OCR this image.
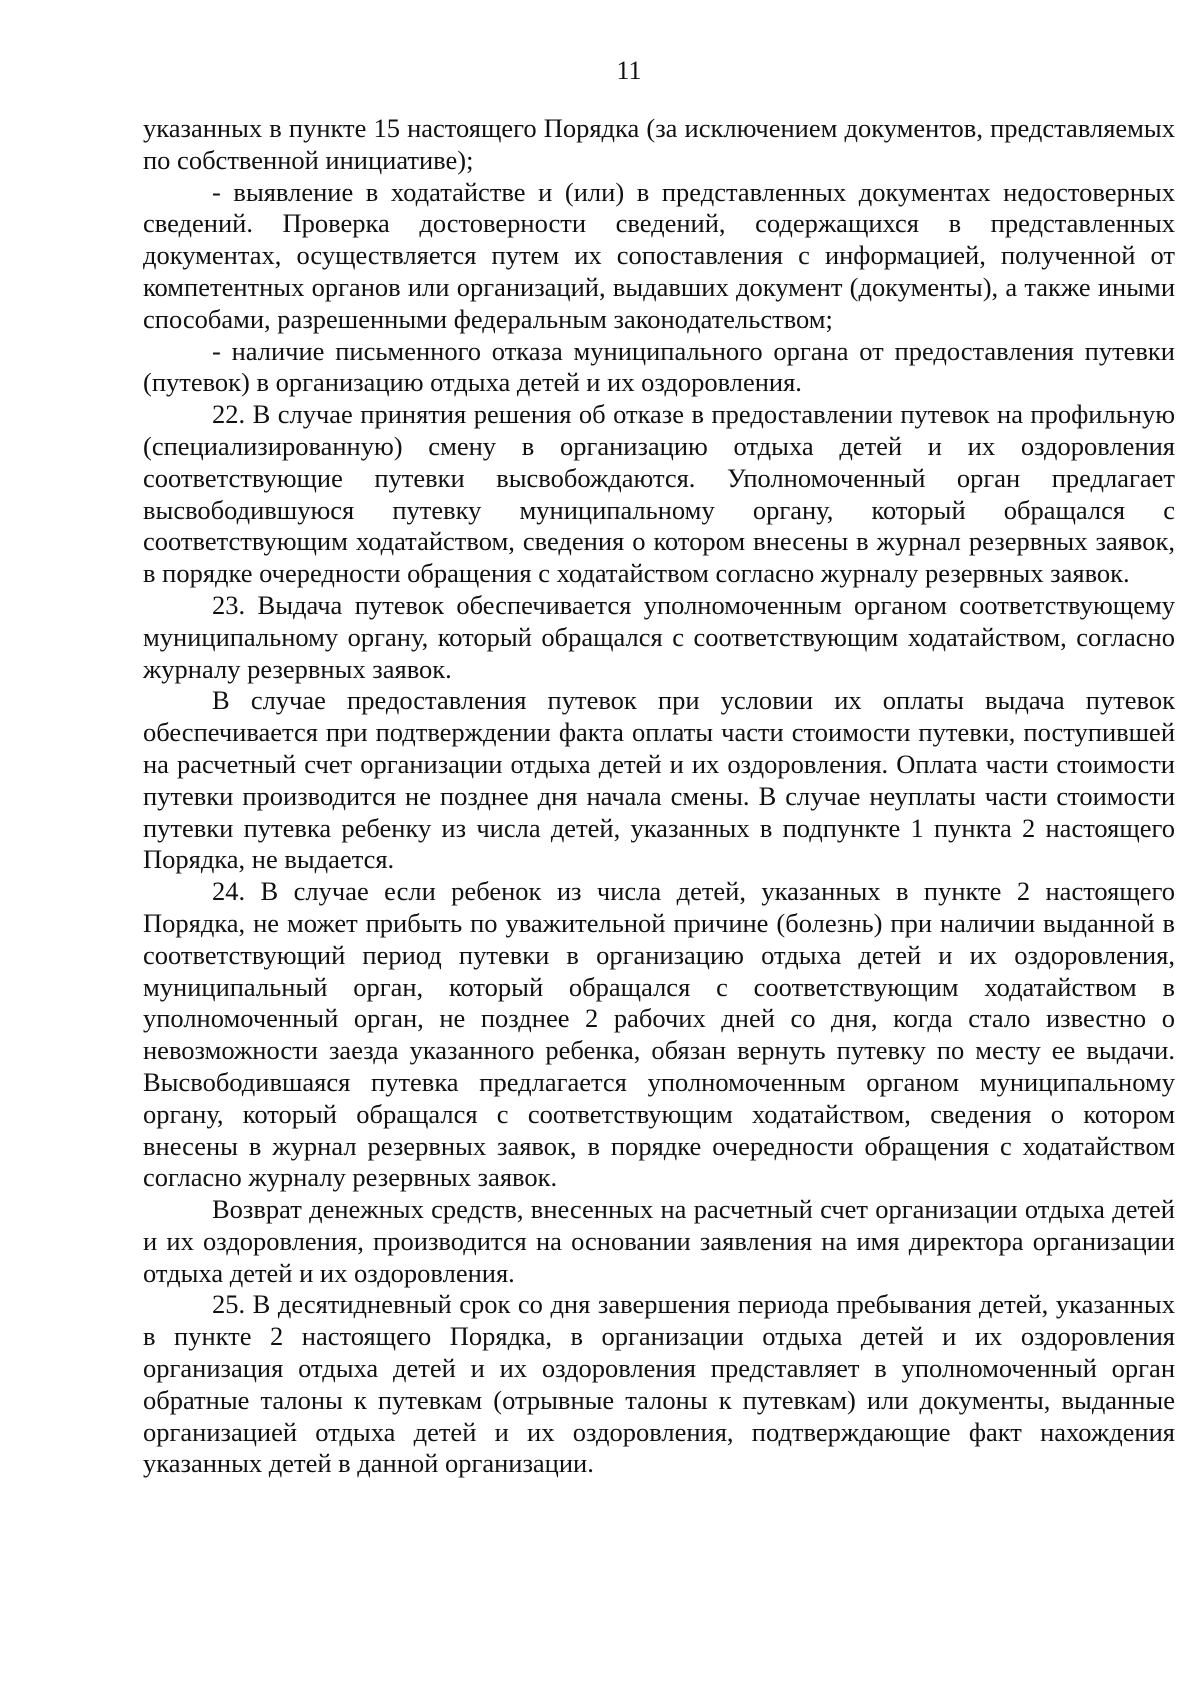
11

указанных в пункте 15 настоящего Порядка (за исключением документов, представляемых по собственной инициативе);

- выявление в ходатайстве и (или) в представленных документах недостоверных сведений. Проверка достоверности сведений, содержащихся в представленных документах, осуществляется путем их сопоставления с информацией, полученной от компетентных органов или организаций, выдавших документ (документы), а также иными способами, разрешенными федеральным законодательством;

- наличие письменного отказа муниципального органа от предоставления путевки (путевок) в организацию отдыха детей и их оздоровления.

22. В случае принятия решения об отказе в предоставлении путевок на профильную (специализированную) смену в организацию отдыха детей и их оздоровления соответствующие путевки высвобождаются. Уполномоченный орган предлагает высвободившуюся путевку муниципальному органу, который обращался с соответствующим ходатайством, сведения о котором внесены в журнал резервных заявок, в порядке очередности обращения с ходатайством согласно журналу резервных заявок.

23. Выдача путевок обеспечивается уполномоченным органом соответствующему муниципальному органу, который обращался с соответствующим ходатайством, согласно журналу резервных заявок.

В случае предоставления путевок при условии их оплаты выдача путевок обеспечивается при подтверждении факта оплаты части стоимости путевки, поступившей на расчетный счет организации отдыха детей и их оздоровления. Оплата части стоимости путевки производится не позднее дня начала смены. В случае неуплаты части стоимости путевки путевка ребенку из числа детей, указанных в подпункте 1 пункта 2 настоящего Порядка, не выдается.

24. В случае если ребенок из числа детей, указанных в пункте 2 настоящего Порядка, не может прибыть по уважительной причине (болезнь) при наличии выданной в соответствующий период путевки в организацию отдыха детей и их оздоровления, муниципальный орган, который обращался с соответствующим ходатайством в уполномоченный орган, не позднее 2 рабочих дней со дня, когда стало известно о невозможности заезда указанного ребенка, обязан вернуть путевку по месту ее выдачи. Высвободившаяся путевка предлагается уполномоченным органом муниципальному органу, который обращался с соответствующим ходатайством, сведения о котором внесены в журнал резервных заявок, в порядке очередности обращения с ходатайством согласно журналу резервных заявок.

Возврат денежных средств, внесенных на расчетный счет организации отдыха детей и их оздоровления, производится на основании заявления на имя директора организации отдыха детей и их оздоровления.

25. В десятидневный срок со дня завершения периода пребывания детей, указанных в пункте 2 настоящего Порядка, в организации отдыха детей и их оздоровления организация отдыха детей и их оздоровления представляет в уполномоченный орган обратные талоны к путевкам (отрывные талоны к путевкам) или документы, выданные организацией отдыха детей и их оздоровления, подтверждающие факт нахождения указанных детей в данной организации.
